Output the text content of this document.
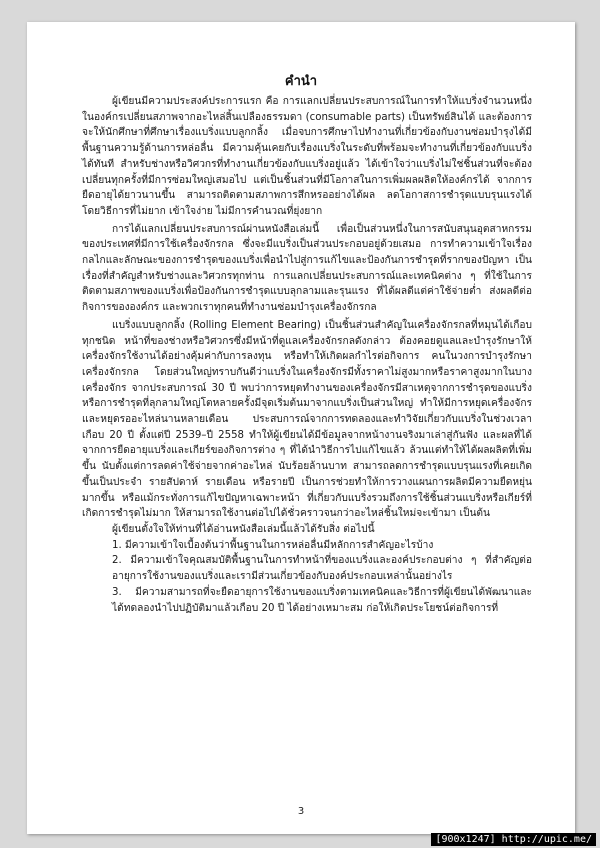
คำนำ

ผู้เขียนมีความประสงค์ประการแรก คือ การแลกเปลี่ยนประสบการณ์ในการทำให้แบริ่งจำนวนหนึ่งในองค์กรเปลี่ยนสภาพจากอะไหล่สิ้นเปลืองธรรมดา (consumable parts) เป็นทรัพย์สินได้ และต้องการจะให้นักศึกษาที่ศึกษาเรื่องแบริ่งแบบลูกกลิ้ง เมื่อจบการศึกษาไปทำงานที่เกี่ยวข้องกับงานซ่อมบำรุงได้มีพื้นฐานความรู้ด้านการหล่อลื่น มีความคุ้นเคยกับเรื่องแบริ่งในระดับที่พร้อมจะทำงานที่เกี่ยวข้องกับแบริ่งได้ทันที สำหรับช่างหรือวิศวกรที่ทำงานเกี่ยวข้องกับแบริ่งอยู่แล้ว ได้เข้าใจว่าแบริ่งไม่ใช่ชิ้นส่วนที่จะต้องเปลี่ยนทุกครั้งที่มีการซ่อมใหญ่เสมอไป แต่เป็นชิ้นส่วนที่มีโอกาสในการเพิ่มผลผลิตให้องค์กรได้ จากการยืดอายุได้ยาวนานขึ้น สามารถติดตามสภาพการสึกหรออย่างได้ผล ลดโอกาสการชำรุดแบบรุนแรงได้ โดยวิธีการที่ไม่ยาก เข้าใจง่าย ไม่มีการคำนวณที่ยุ่งยาก

การได้แลกเปลี่ยนประสบการณ์ผ่านหนังสือเล่มนี้ เพื่อเป็นส่วนหนึ่งในการสนับสนุนอุตสาหกรรมของประเทศที่มีการใช้เครื่องจักรกล ซึ่งจะมีแบริ่งเป็นส่วนประกอบอยู่ด้วยเสมอ การทำความเข้าใจเรื่องกลไกและลักษณะของการชำรุดของแบริ่งเพื่อนำไปสู่การแก้ไขและป้องกันการชำรุดที่รากของปัญหา เป็นเรื่องที่สำคัญสำหรับช่างและวิศวกรทุกท่าน การแลกเปลี่ยนประสบการณ์และเทคนิคต่าง ๆ ที่ใช้ในการติดตามสภาพของแบริ่งเพื่อป้องกันการชำรุดแบบลุกลามและรุนแรง ที่ได้ผลดีแต่ค่าใช้จ่ายต่ำ ส่งผลดีต่อกิจการขององค์กร และพวกเราทุกคนที่ทำงานซ่อมบำรุงเครื่องจักรกล

แบริ่งแบบลูกกลิ้ง (Rolling Element Bearing) เป็นชิ้นส่วนสำคัญในเครื่องจักรกลที่หมุนได้เกือบทุกชนิด หน้าที่ของช่างหรือวิศวกรซึ่งมีหน้าที่ดูแลเครื่องจักรกลดังกล่าว ต้องคอยดูแลและบำรุงรักษาให้เครื่องจักรใช้งานได้อย่างคุ้มค่ากับการลงทุน หรือทำให้เกิดผลกำไรต่อกิจการ คนในวงการบำรุงรักษาเครื่องจักรกล โดยส่วนใหญ่ทราบกันดีว่าแบริ่งในเครื่องจักรมีทั้งราคาไม่สูงมากหรือราคาสูงมากในบางเครื่องจักร จากประสบการณ์ 30 ปี พบว่าการหยุดทำงานของเครื่องจักรมีสาเหตุจากการชำรุดของแบริ่ง หรือการชำรุดที่ลุกลามใหญ่โตหลายครั้งมีจุดเริ่มต้นมาจากแบริ่งเป็นส่วนใหญ่ ทำให้มีการหยุดเครื่องจักรและหยุดรออะไหล่นานหลายเดือน ประสบการณ์จากการทดลองและทำวิจัยเกี่ยวกับแบริ่งในช่วงเวลาเกือบ 20 ปี ตั้งแต่ปี 2539–ปี 2558 ทำให้ผู้เขียนได้มีข้อมูลจากหน้างานจริงมาเล่าสู่กันฟัง และผลที่ได้จากการยืดอายุแบริ่งและเกียร์ของกิจการต่าง ๆ ที่ได้นำวิธีการไปแก้ไขแล้ว ล้วนแต่ทำให้ได้ผลผลิตที่เพิ่มขึ้น นับตั้งแต่การลดค่าใช้จ่ายจากค่าอะไหล่ นับร้อยล้านบาท สามารถลดการชำรุดแบบรุนแรงที่เคยเกิดขึ้นเป็นประจำ รายสัปดาห์ รายเดือน หรือรายปี เป็นการช่วยทำให้การวางแผนการผลิตมีความยืดหยุ่นมากขึ้น หรือแม้กระทั่งการแก้ไขปัญหาเฉพาะหน้า ที่เกี่ยวกับแบริ่งรวมถึงการใช้ชิ้นส่วนแบริ่งหรือเกียร์ที่เกิดการชำรุดไม่มาก ให้สามารถใช้งานต่อไปได้ชั่วคราวจนกว่าอะไหล่ชิ้นใหม่จะเข้ามา เป็นต้น

ผู้เขียนตั้งใจให้ท่านที่ได้อ่านหนังสือเล่มนี้แล้วได้รับสิ่ง ต่อไปนี้

1. มีความเข้าใจเบื้องต้นว่าพื้นฐานในการหล่อลื่นมีหลักการสำคัญอะไรบ้าง

2. มีความเข้าใจคุณสมบัติพื้นฐานในการทำหน้าที่ของแบริ่งและองค์ประกอบต่าง ๆ ที่สำคัญต่ออายุการใช้งานของแบริ่งและเรามีส่วนเกี่ยวข้องกับองค์ประกอบเหล่านั้นอย่างไร

3. มีความสามารถที่จะยืดอายุการใช้งานของแบริ่งตามเทคนิคและวิธีการที่ผู้เขียนได้พัฒนาและได้ทดลองนำไปปฏิบัติมาแล้วเกือบ 20 ปี ได้อย่างเหมาะสม ก่อให้เกิดประโยชน์ต่อกิจการที่

3
[900x1247] http://upic.me/
